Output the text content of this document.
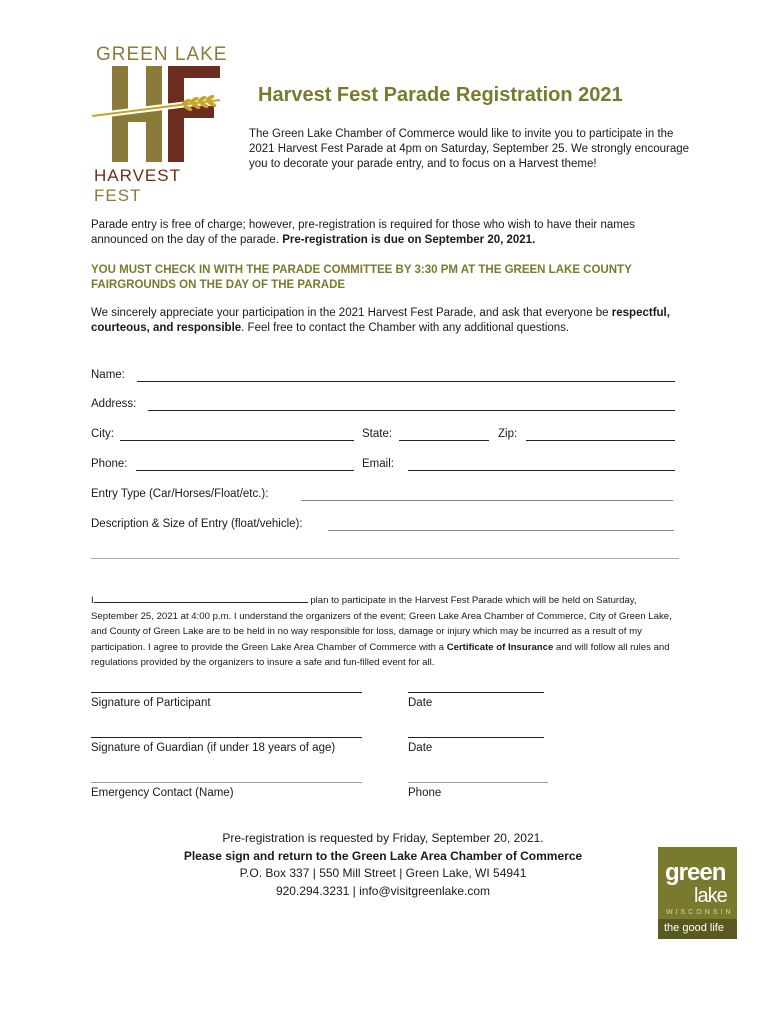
GREEN LAKE
HARVEST FEST
Harvest Fest Parade Registration 2021
The Green Lake Chamber of Commerce would like to invite you to participate in the 2021 Harvest Fest Parade at 4pm on Saturday, September 25. We strongly encourage you to decorate your parade entry, and to focus on a Harvest theme!
Parade entry is free of charge; however, pre-registration is required for those who wish to have their names announced on the day of the parade. Pre-registration is due on September 20, 2021.
YOU MUST CHECK IN WITH THE PARADE COMMITTEE BY 3:30 PM AT THE GREEN LAKE COUNTY FAIRGROUNDS ON THE DAY OF THE PARADE
We sincerely appreciate your participation in the 2021 Harvest Fest Parade, and ask that everyone be respectful, courteous, and responsible. Feel free to contact the Chamber with any additional questions.
Name:
Address:
City:	State:	Zip:
Phone:	Email:
Entry Type (Car/Horses/Float/etc.):
Description & Size of Entry (float/vehicle):
I	plan to participate in the Harvest Fest Parade which will be held on Saturday, September 25, 2021 at 4:00 p.m. I understand the organizers of the event; Green Lake Area Chamber of Commerce, City of Green Lake, and County of Green Lake are to be held in no way responsible for loss, damage or injury which may be incurred as a result of my participation. I agree to provide the Green Lake Area Chamber of Commerce with a Certificate of Insurance and will follow all rules and regulations provided by the organizers to insure a safe and fun-filled event for all.
Signature of Participant	Date
Signature of Guardian (if under 18 years of age)	Date
Emergency Contact (Name)	Phone
Pre-registration is requested by Friday, September 20, 2021.
Please sign and return to the Green Lake Area Chamber of Commerce
P.O. Box 337 | 550 Mill Street | Green Lake, WI 54941
920.294.3231 | info@visitgreenlake.com
green
lake
WISCONSIN
the good life
